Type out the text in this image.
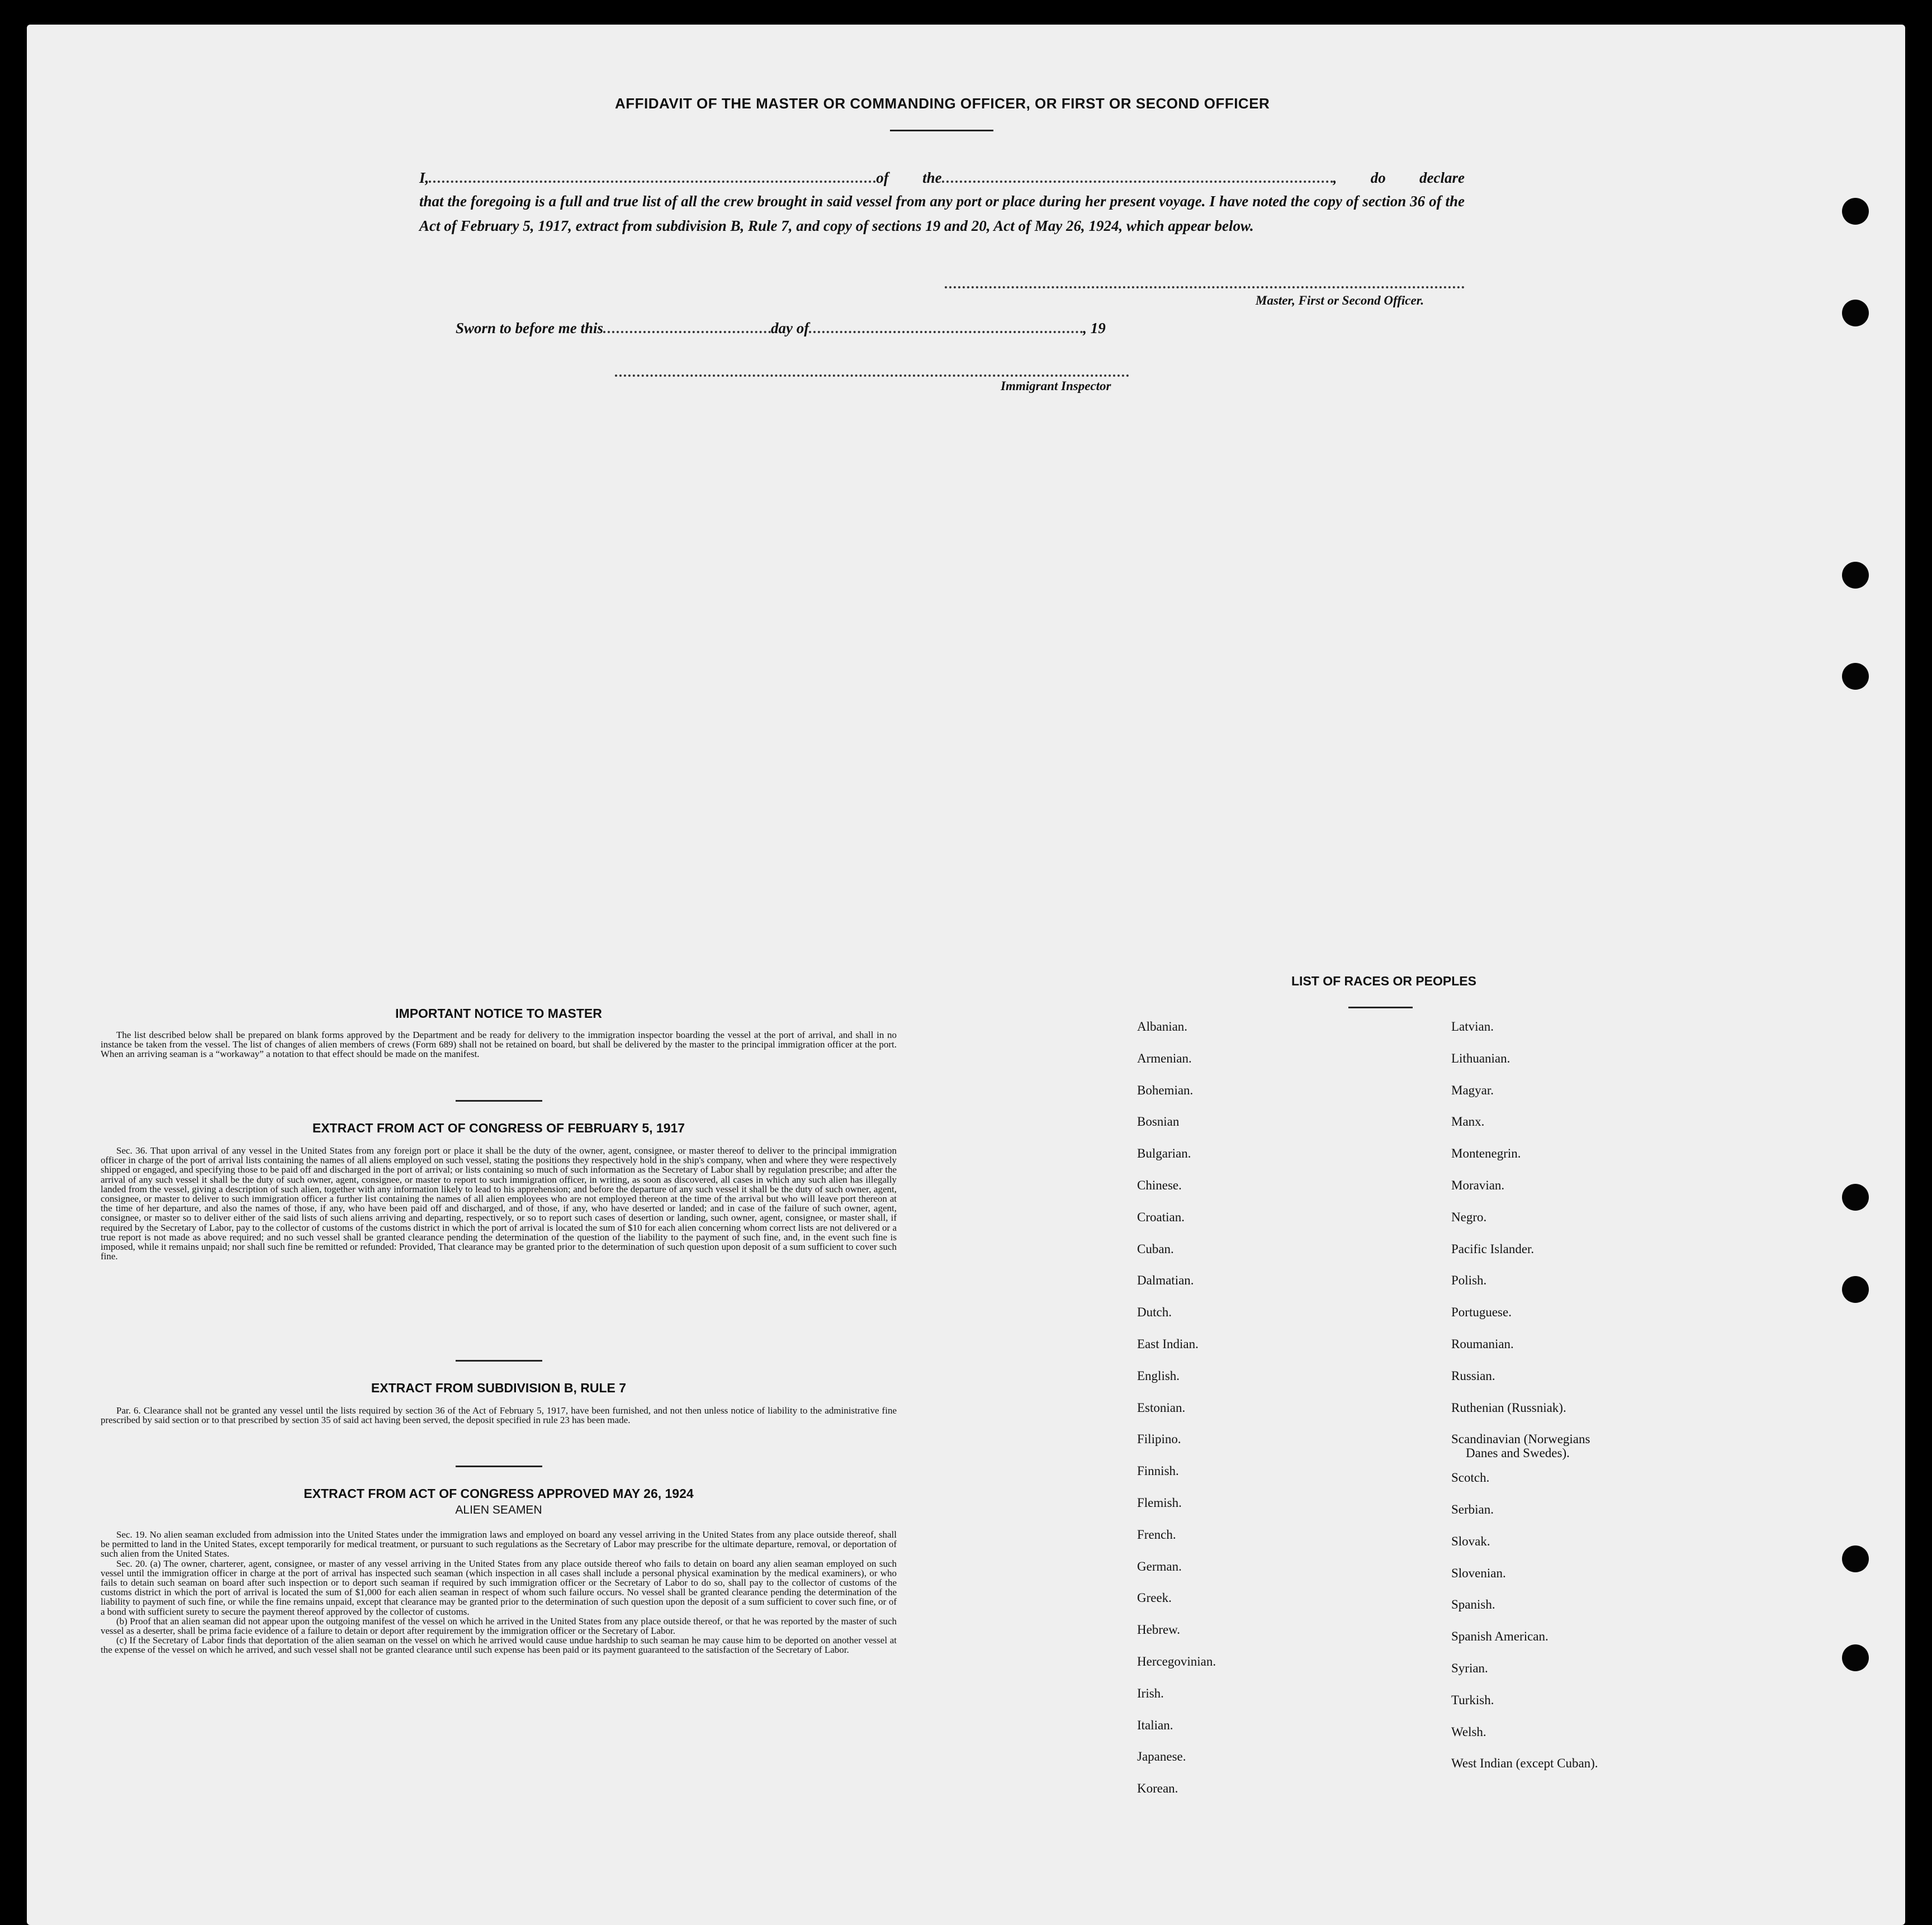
AFFIDAVIT OF THE MASTER OR COMMANDING OFFICER, OR FIRST OR SECOND OFFICER
I,	of the	, do declare
that the foregoing is a full and true list of all the crew brought in said vessel from any port or place during her present voyage. I have noted the copy of section 36 of the Act of February 5, 1917, extract from subdivision B, Rule 7, and copy of sections 19 and 20, Act of May 26, 1924, which appear below.
Master, First or Second Officer.
Sworn to before me this	day of	, 19
Immigrant Inspector
IMPORTANT NOTICE TO MASTER

The list described below shall be prepared on blank forms approved by the Department and be ready for delivery to the immigration inspector boarding the vessel at the port of arrival, and shall in no instance be taken from the vessel. The list of changes of alien members of crews (Form 689) shall not be retained on board, but shall be delivered by the master to the principal immigration officer at the port. When an arriving seaman is a “workaway” a notation to that effect should be made on the manifest.

EXTRACT FROM ACT OF CONGRESS OF FEBRUARY 5, 1917

Sec. 36. That upon arrival of any vessel in the United States from any foreign port or place it shall be the duty of the owner, agent, consignee, or master thereof to deliver to the principal immigration officer in charge of the port of arrival lists containing the names of all aliens employed on such vessel, stating the positions they respectively hold in the ship's company, when and where they were respectively shipped or engaged, and specifying those to be paid off and discharged in the port of arrival; or lists containing so much of such information as the Secretary of Labor shall by regulation prescribe; and after the arrival of any such vessel it shall be the duty of such owner, agent, consignee, or master to report to such immigration officer, in writing, as soon as discovered, all cases in which any such alien has illegally landed from the vessel, giving a description of such alien, together with any information likely to lead to his apprehension; and before the departure of any such vessel it shall be the duty of such owner, agent, consignee, or master to deliver to such immigration officer a further list containing the names of all alien employees who are not employed thereon at the time of the arrival but who will leave port thereon at the time of her departure, and also the names of those, if any, who have been paid off and discharged, and of those, if any, who have deserted or landed; and in case of the failure of such owner, agent, consignee, or master so to deliver either of the said lists of such aliens arriving and departing, respectively, or so to report such cases of desertion or landing, such owner, agent, consignee, or master shall, if required by the Secretary of Labor, pay to the collector of customs of the customs district in which the port of arrival is located the sum of $10 for each alien concerning whom correct lists are not delivered or a true report is not made as above required; and no such vessel shall be granted clearance pending the determination of the question of the liability to the payment of such fine, and, in the event such fine is imposed, while it remains unpaid; nor shall such fine be remitted or refunded: Provided, That clearance may be granted prior to the determination of such question upon deposit of a sum sufficient to cover such fine.

EXTRACT FROM SUBDIVISION B, RULE 7

Par. 6. Clearance shall not be granted any vessel until the lists required by section 36 of the Act of February 5, 1917, have been furnished, and not then unless notice of liability to the administrative fine prescribed by said section or to that prescribed by section 35 of said act having been served, the deposit specified in rule 23 has been made.

EXTRACT FROM ACT OF CONGRESS APPROVED MAY 26, 1924
ALIEN SEAMEN

Sec. 19. No alien seaman excluded from admission into the United States under the immigration laws and employed on board any vessel arriving in the United States from any place outside thereof, shall be permitted to land in the United States, except temporarily for medical treatment, or pursuant to such regulations as the Secretary of Labor may prescribe for the ultimate departure, removal, or deportation of such alien from the United States.

Sec. 20. (a) The owner, charterer, agent, consignee, or master of any vessel arriving in the United States from any place outside thereof who fails to detain on board any alien seaman employed on such vessel until the immigration officer in charge at the port of arrival has inspected such seaman (which inspection in all cases shall include a personal physical examination by the medical examiners), or who fails to detain such seaman on board after such inspection or to deport such seaman if required by such immigration officer or the Secretary of Labor to do so, shall pay to the collector of customs of the customs district in which the port of arrival is located the sum of $1,000 for each alien seaman in respect of whom such failure occurs. No vessel shall be granted clearance pending the determination of the liability to payment of such fine, or while the fine remains unpaid, except that clearance may be granted prior to the determination of such question upon the deposit of a sum sufficient to cover such fine, or of a bond with sufficient surety to secure the payment thereof approved by the collector of customs.

(b) Proof that an alien seaman did not appear upon the outgoing manifest of the vessel on which he arrived in the United States from any place outside thereof, or that he was reported by the master of such vessel as a deserter, shall be prima facie evidence of a failure to detain or deport after requirement by the immigration officer or the Secretary of Labor.

(c) If the Secretary of Labor finds that deportation of the alien seaman on the vessel on which he arrived would cause undue hardship to such seaman he may cause him to be deported on another vessel at the expense of the vessel on which he arrived, and such vessel shall not be granted clearance until such expense has been paid or its payment guaranteed to the satisfaction of the Secretary of Labor.

LIST OF RACES OR PEOPLES
Albanian.
Armenian.
Bohemian.
Bosnian
Bulgarian.
Chinese.
Croatian.
Cuban.
Dalmatian.
Dutch.
East Indian.
English.
Estonian.
Filipino.
Finnish.
Flemish.
French.
German.
Greek.
Hebrew.
Hercegovinian.
Irish.
Italian.
Japanese.
Korean.
Latvian.
Lithuanian.
Magyar.
Manx.
Montenegrin.
Moravian.
Negro.
Pacific Islander.
Polish.
Portuguese.
Roumanian.
Russian.
Ruthenian (Russniak).
Scandinavian (Norwegians
Danes and Swedes).
Scotch.
Serbian.
Slovak.
Slovenian.
Spanish.
Spanish American.
Syrian.
Turkish.
Welsh.
West Indian (except Cuban).
